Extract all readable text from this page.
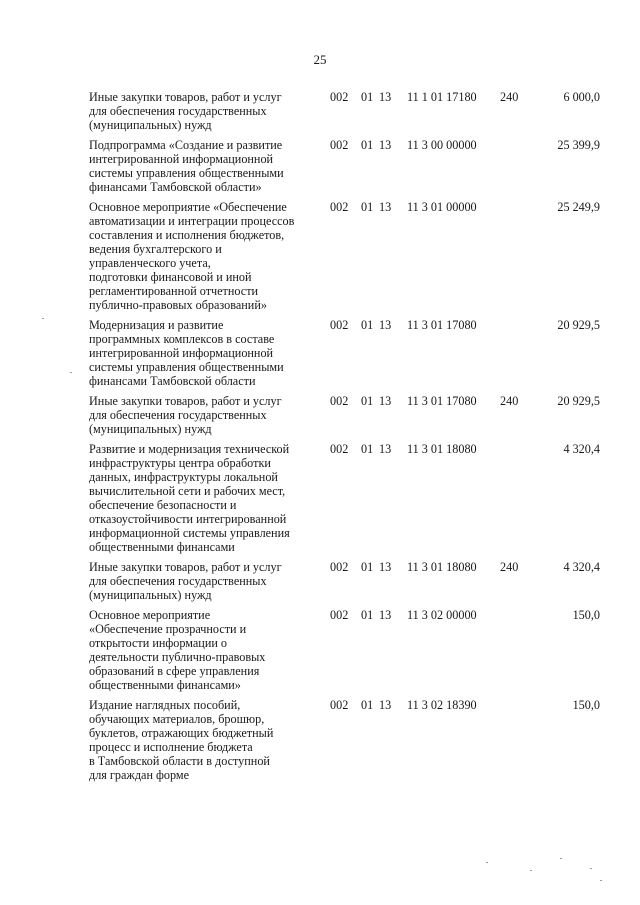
25
Иные закупки товаров, работ и услуг
для обеспечения государственных
(муниципальных) нужд
002 01 13 11 1 01 17180 240	6 000,0
Подпрограмма «Создание и развитие
интегрированной информационной
системы управления общественными
финансами Тамбовской области»
002 01 13 11 3 00 00000	25 399,9
Основное мероприятие «Обеспечение
автоматизации и интеграции процессов
составления и исполнения бюджетов,
ведения бухгалтерского и
управленческого учета,
подготовки финансовой и иной
регламентированной отчетности
публично-правовых образований»
002 01 13 11 3 01 00000	25 249,9
Модернизация и развитие
программных комплексов в составе
интегрированной информационной
системы управления общественными
финансами Тамбовской области
002 01 13 11 3 01 17080	20 929,5
Иные закупки товаров, работ и услуг
для обеспечения государственных
(муниципальных) нужд
002 01 13 11 3 01 17080 240	20 929,5
Развитие и модернизация технической
инфраструктуры центра обработки
данных, инфраструктуры локальной
вычислительной сети и рабочих мест,
обеспечение безопасности и
отказоустойчивости интегрированной
информационной системы управления
общественными финансами
002 01 13 11 3 01 18080	4 320,4
Иные закупки товаров, работ и услуг
для обеспечения государственных
(муниципальных) нужд
002 01 13 11 3 01 18080 240	4 320,4
Основное мероприятие
«Обеспечение прозрачности и
открытости информации о
деятельности публично-правовых
образований в сфере управления
общественными финансами»
002 01 13 11 3 02 00000	150,0
Издание наглядных пособий,
обучающих материалов, брошюр,
буклетов, отражающих бюджетный
процесс и исполнение бюджета
в Тамбовской области в доступной
для граждан форме
002 01 13 11 3 02 18390	150,0
